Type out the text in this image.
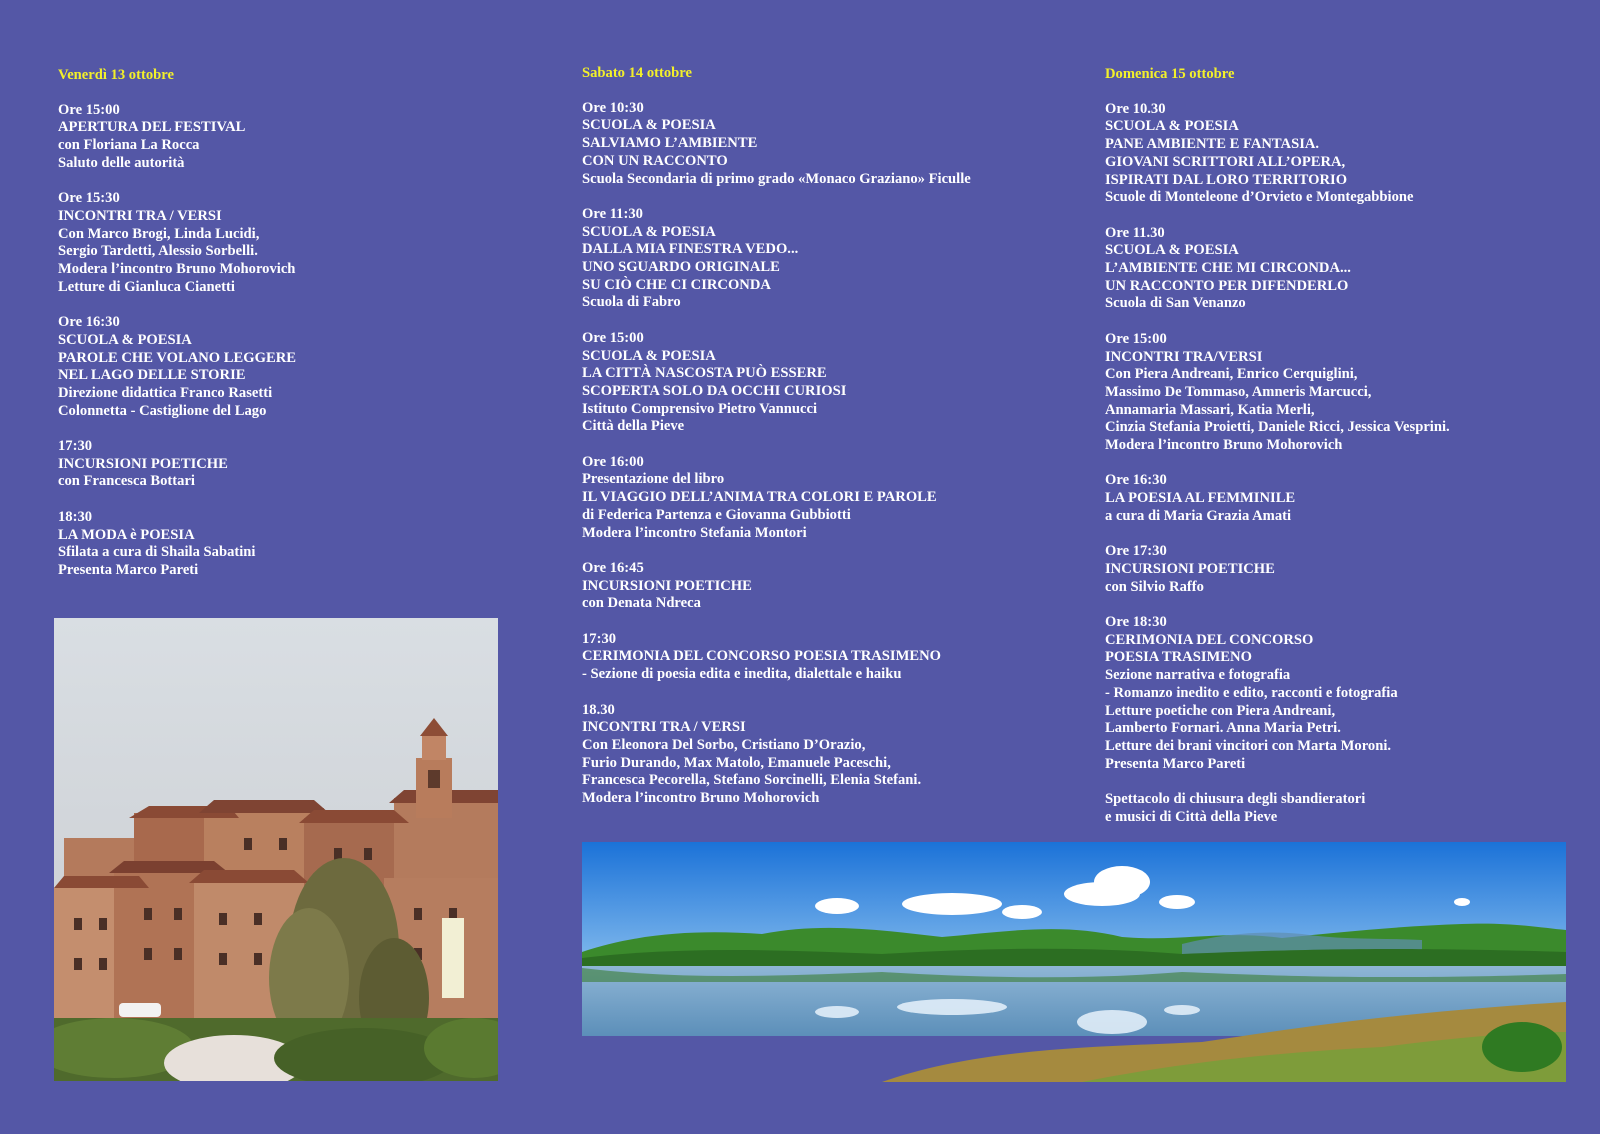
Venerdì 13 ottobre
Ore 15:00
APERTURA DEL FESTIVAL
con Floriana La Rocca
Saluto delle autorità
Ore 15:30
INCONTRI TRA / VERSI
Con Marco Brogi, Linda Lucidi,
Sergio Tardetti, Alessio Sorbelli.
Modera l’incontro Bruno Mohorovich
Letture di Gianluca Cianetti
Ore 16:30
SCUOLA & POESIA
PAROLE CHE VOLANO LEGGERE
NEL LAGO DELLE STORIE
Direzione didattica Franco Rasetti
Colonnetta - Castiglione del Lago
17:30
INCURSIONI POETICHE
con Francesca Bottari
18:30
LA MODA è POESIA
Sfilata a cura di Shaila Sabatini
Presenta Marco Pareti
Sabato 14 ottobre
Ore 10:30
SCUOLA & POESIA
SALVIAMO L’AMBIENTE
CON UN RACCONTO
Scuola Secondaria di primo grado «Monaco Graziano» Ficulle
Ore 11:30
SCUOLA & POESIA
DALLA MIA FINESTRA VEDO...
UNO SGUARDO ORIGINALE
SU CIÒ CHE CI CIRCONDA
Scuola di Fabro
Ore 15:00
SCUOLA & POESIA
LA CITTÀ NASCOSTA PUÒ ESSERE
SCOPERTA SOLO DA OCCHI CURIOSI
Istituto Comprensivo Pietro Vannucci
Città della Pieve
Ore 16:00
Presentazione del libro
IL VIAGGIO DELL’ANIMA TRA COLORI E PAROLE
di Federica Partenza e Giovanna Gubbiotti
Modera l’incontro Stefania Montori
Ore 16:45
INCURSIONI POETICHE
con Denata Ndreca
17:30
CERIMONIA DEL CONCORSO POESIA TRASIMENO
- Sezione di poesia edita e inedita, dialettale e haiku
18.30
INCONTRI TRA / VERSI
Con Eleonora Del Sorbo, Cristiano D’Orazio,
Furio Durando, Max Matolo, Emanuele Paceschi,
Francesca Pecorella, Stefano Sorcinelli, Elenia Stefani.
Modera l’incontro Bruno Mohorovich
Domenica 15 ottobre
Ore 10.30
SCUOLA & POESIA
PANE AMBIENTE E FANTASIA.
GIOVANI SCRITTORI ALL’OPERA,
ISPIRATI DAL LORO TERRITORIO
Scuole di Monteleone d’Orvieto e Montegabbione
Ore 11.30
SCUOLA & POESIA
L’AMBIENTE CHE MI CIRCONDA...
UN RACCONTO PER DIFENDERLO
Scuola di San Venanzo
Ore 15:00
INCONTRI TRA/VERSI
Con Piera Andreani, Enrico Cerquiglini,
Massimo De Tommaso, Amneris Marcucci,
Annamaria Massari, Katia Merli,
Cinzia Stefania Proietti, Daniele Ricci, Jessica Vesprini.
Modera l’incontro Bruno Mohorovich
Ore 16:30
LA POESIA AL FEMMINILE
a cura di Maria Grazia Amati
Ore 17:30
INCURSIONI POETICHE
con Silvio Raffo
Ore 18:30
CERIMONIA DEL CONCORSO
POESIA TRASIMENO
Sezione narrativa e fotografia
- Romanzo inedito e edito, racconti e fotografia
Letture poetiche con Piera Andreani,
Lamberto Fornari. Anna Maria Petri.
Letture dei brani vincitori con Marta Moroni.
Presenta Marco Pareti
Spettacolo di chiusura degli sbandieratori
e musici di Città della Pieve
